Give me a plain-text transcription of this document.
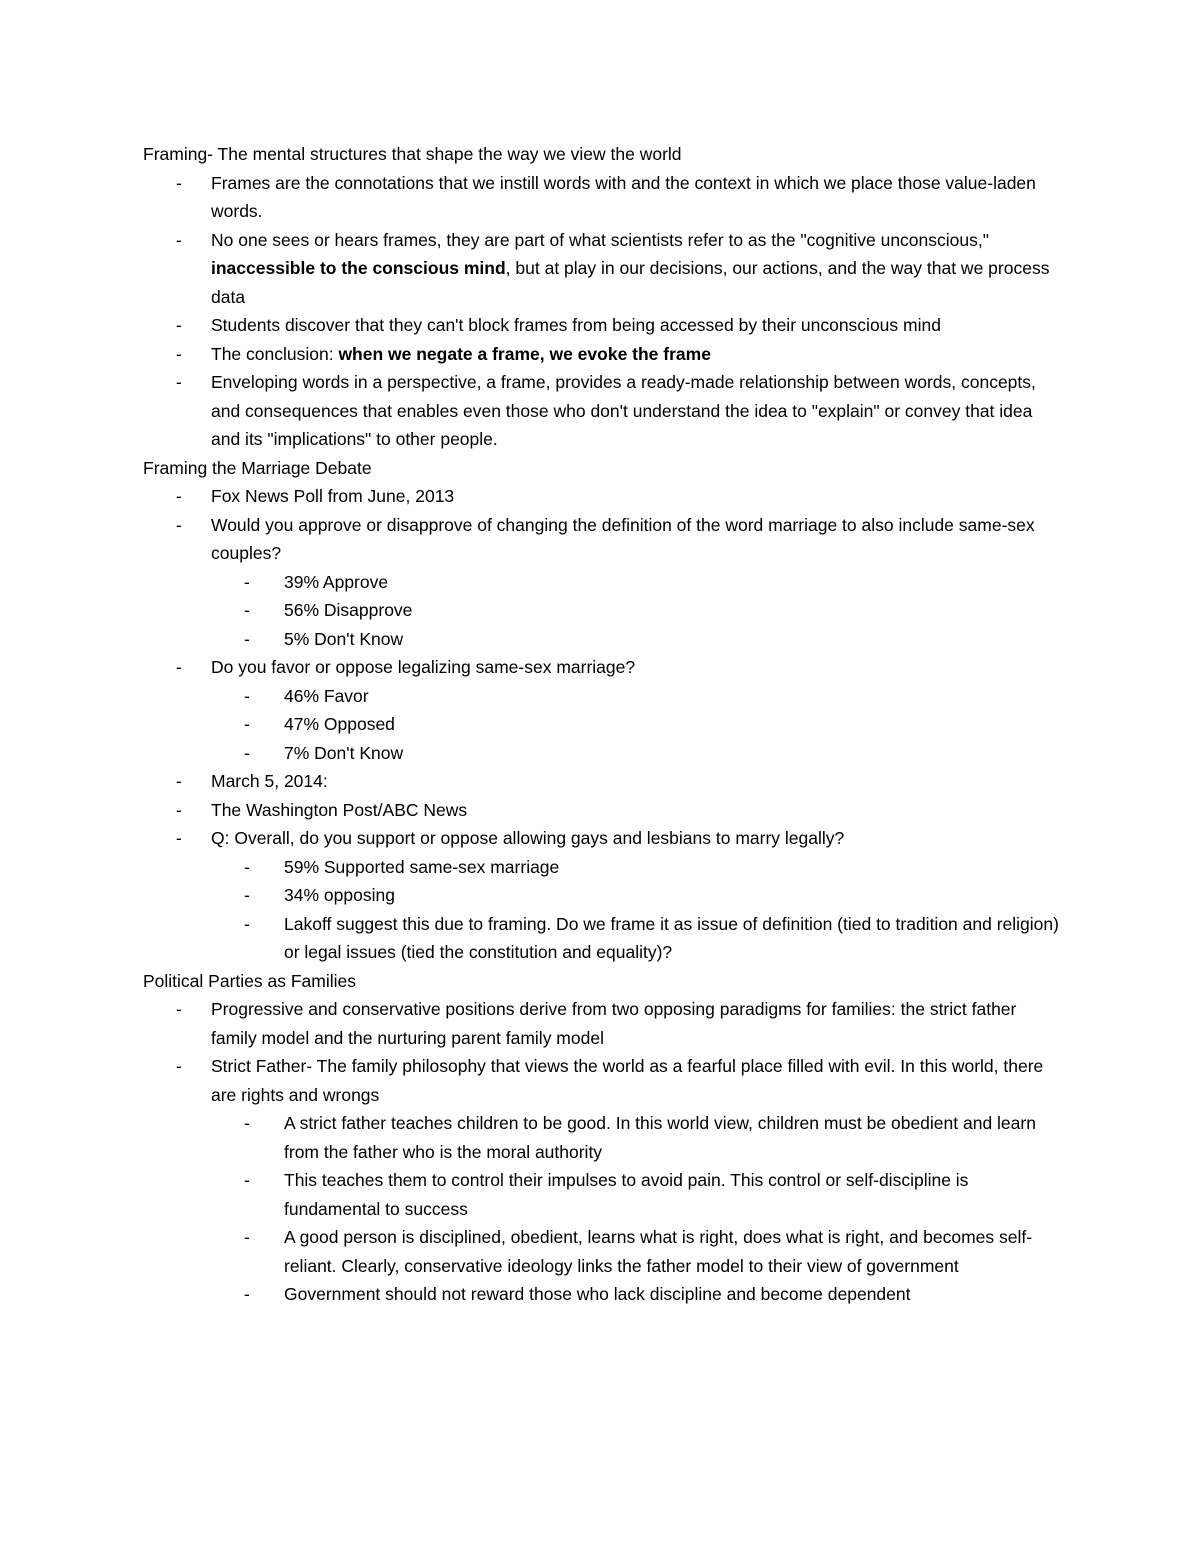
Framing- The mental structures that shape the way we view the world
- Frames are the connotations that we instill words with and the context in which we place those value-laden words.
- No one sees or hears frames, they are part of what scientists refer to as the "cognitive unconscious," inaccessible to the conscious mind, but at play in our decisions, our actions, and the way that we process data
- Students discover that they can't block frames from being accessed by their unconscious mind
- The conclusion: when we negate a frame, we evoke the frame
- Enveloping words in a perspective, a frame, provides a ready-made relationship between words, concepts, and consequences that enables even those who don't understand the idea to "explain" or convey that idea and its "implications" to other people.
Framing the Marriage Debate
- Fox News Poll from June, 2013
- Would you approve or disapprove of changing the definition of the word marriage to also include same-sex couples?
- 39% Approve
- 56% Disapprove
- 5% Don't Know
- Do you favor or oppose legalizing same-sex marriage?
- 46% Favor
- 47% Opposed
- 7% Don't Know
- March 5, 2014:
- The Washington Post/ABC News
- Q: Overall, do you support or oppose allowing gays and lesbians to marry legally?
- 59% Supported same-sex marriage
- 34% opposing
- Lakoff suggest this due to framing. Do we frame it as issue of definition (tied to tradition and religion) or legal issues (tied the constitution and equality)?
Political Parties as Families
- Progressive and conservative positions derive from two opposing paradigms for families: the strict father family model and the nurturing parent family model
- Strict Father- The family philosophy that views the world as a fearful place filled with evil. In this world, there are rights and wrongs
- A strict father teaches children to be good. In this world view, children must be obedient and learn from the father who is the moral authority
- This teaches them to control their impulses to avoid pain. This control or self-discipline is fundamental to success
- A good person is disciplined, obedient, learns what is right, does what is right, and becomes self-reliant. Clearly, conservative ideology links the father model to their view of government
- Government should not reward those who lack discipline and become dependent
